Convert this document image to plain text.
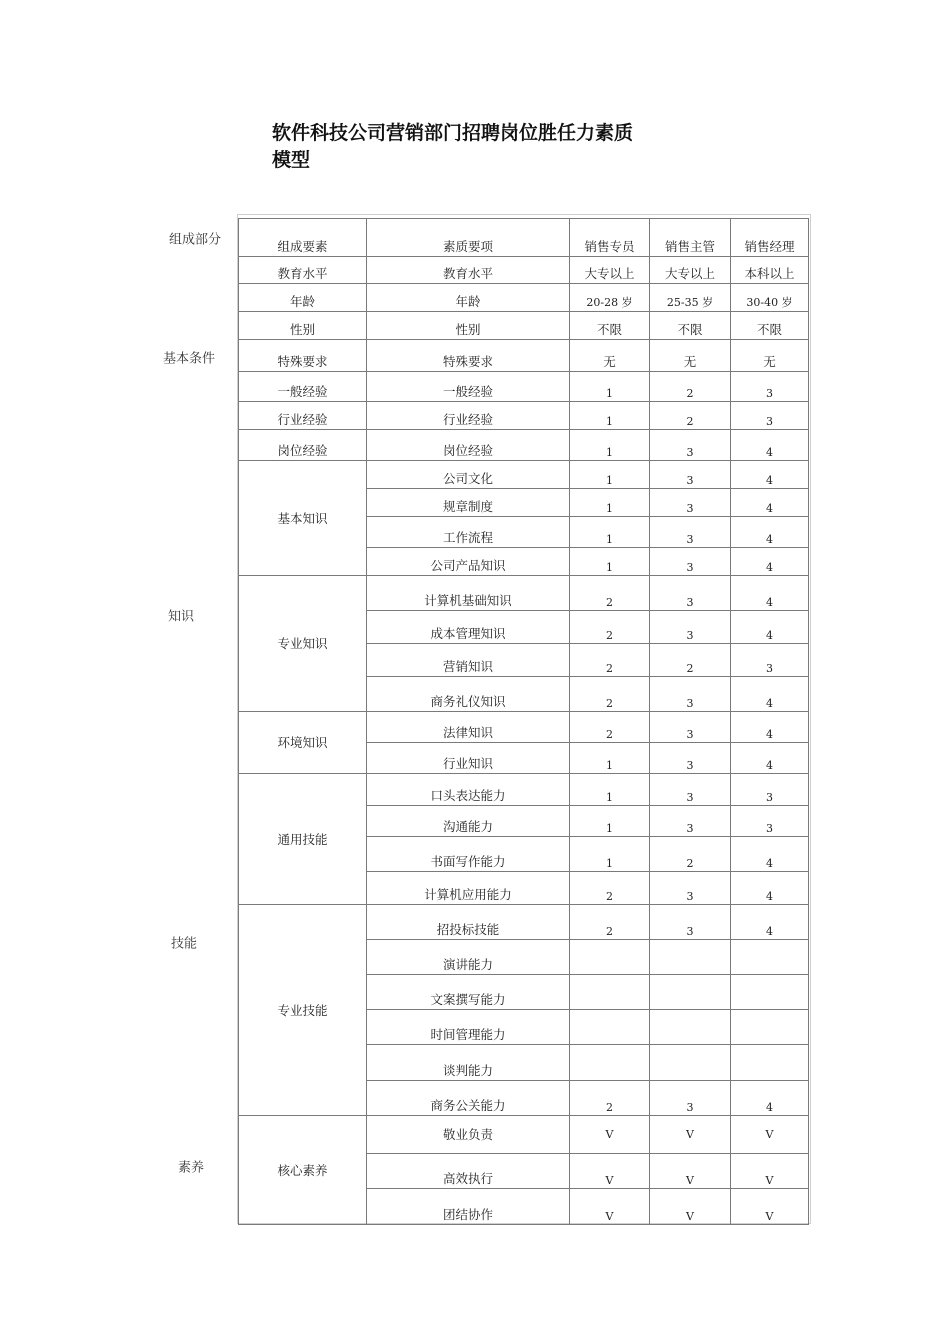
软件科技公司营销部门招聘岗位胜任力素质
模型
组成部分
基本条件
知识
技能
素养
组成要素	素质要项	销售专员	销售主管	销售经理
教育水平	教育水平	大专以上	大专以上	本科以上
年龄	年龄	20-28 岁	25-35 岁	30-40 岁
性别	性别	不限	不限	不限
特殊要求	特殊要求	无	无	无
一般经验	一般经验	1	2	3
行业经验	行业经验	1	2	3
岗位经验	岗位经验	1	3	4
基本知识	公司文化	1	3	4
	规章制度	1	3	4
	工作流程	1	3	4
	公司产品知识	1	3	4
专业知识	计算机基础知识	2	3	4
	成本管理知识	2	3	4
	营销知识	2	2	3
	商务礼仪知识	2	3	4
环境知识	法律知识	2	3	4
	行业知识	1	3	4
通用技能	口头表达能力	1	3	3
	沟通能力	1	3	3
	书面写作能力	1	2	4
	计算机应用能力	2	3	4
专业技能	招投标技能	2	3	4
	演讲能力			
	文案撰写能力			
	时间管理能力			
	谈判能力			
	商务公关能力	2	3	4
核心素养	敬业负责	V	V	V
	高效执行	V	V	V
	团结协作	V	V	V
